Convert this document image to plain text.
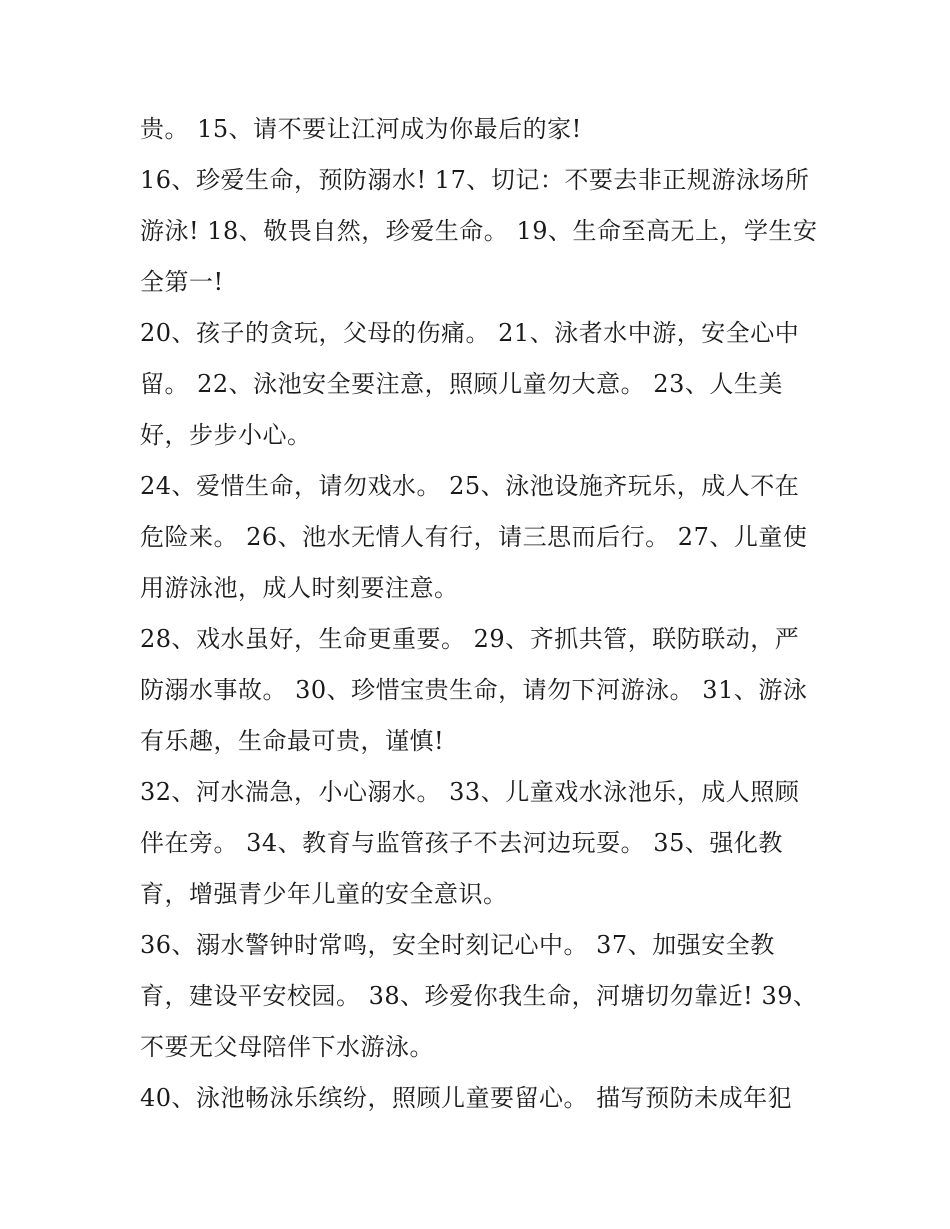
贵。 15、请不要让江河成为你最后的家!
16、珍爱生命，预防溺水! 17、切记：不要去非正规游泳场所
游泳! 18、敬畏自然，珍爱生命。 19、生命至高无上，学生安
全第一!
20、孩子的贪玩，父母的伤痛。 21、泳者水中游，安全心中
留。 22、泳池安全要注意，照顾儿童勿大意。 23、人生美
好，步步小心。
24、爱惜生命，请勿戏水。 25、泳池设施齐玩乐，成人不在
危险来。 26、池水无情人有行，请三思而后行。 27、儿童使
用游泳池，成人时刻要注意。
28、戏水虽好，生命更重要。 29、齐抓共管，联防联动，严
防溺水事故。 30、珍惜宝贵生命，请勿下河游泳。 31、游泳
有乐趣，生命最可贵，谨慎!
32、河水湍急，小心溺水。 33、儿童戏水泳池乐，成人照顾
伴在旁。 34、教育与监管孩子不去河边玩耍。 35、强化教
育，增强青少年儿童的安全意识。
36、溺水警钟时常鸣，安全时刻记心中。 37、加强安全教
育，建设平安校园。 38、珍爱你我生命，河塘切勿靠近! 39、
不要无父母陪伴下水游泳。
40、泳池畅泳乐缤纷，照顾儿童要留心。 描写预防未成年犯
